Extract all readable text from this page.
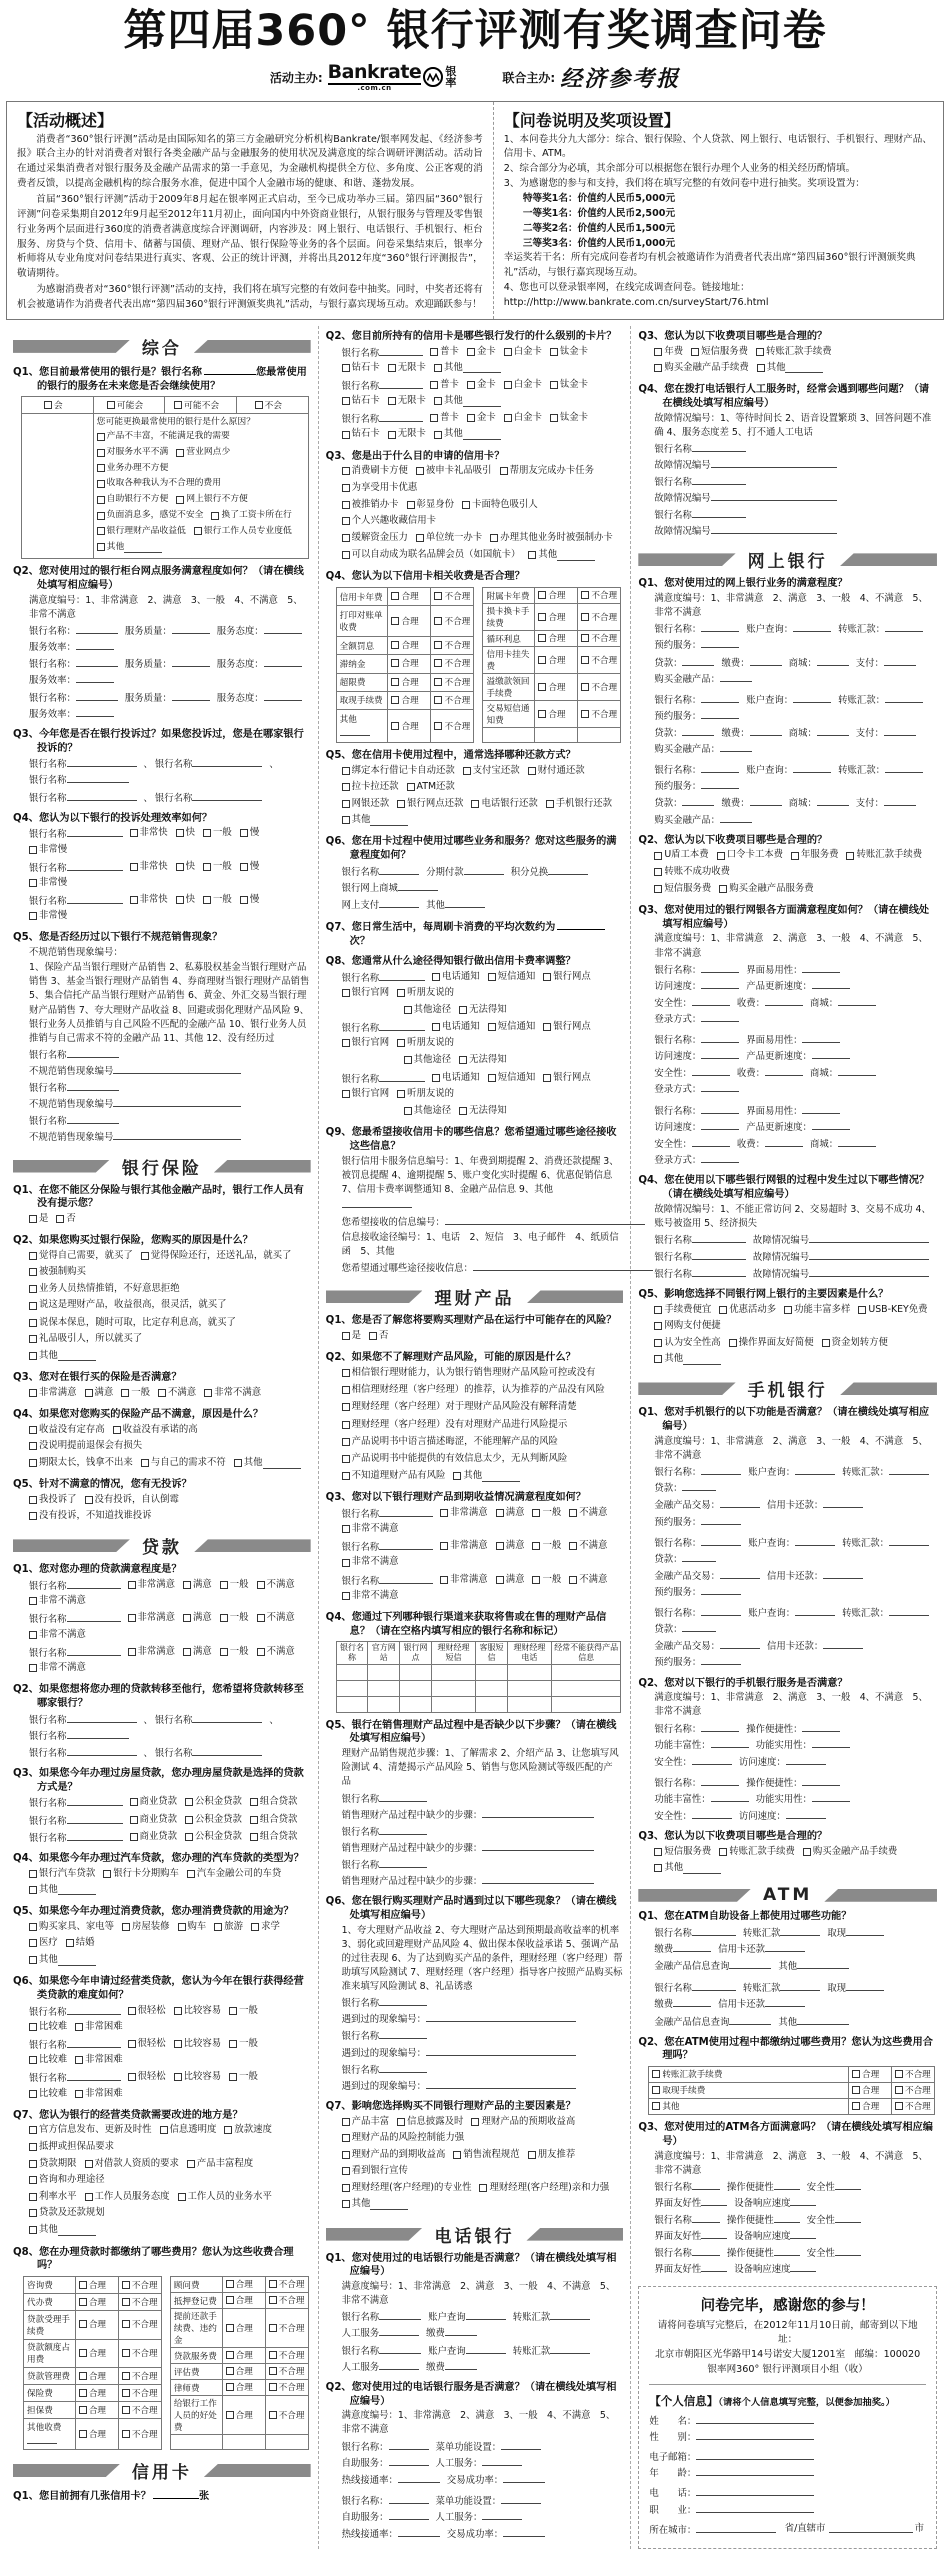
第四届360° 银行评测有奖调查问卷
活动主办: Bankrate
.com.cn
银
率	联合主办: 经济参考报
【活动概述】

消费者“360°银行评测”活动是由国际知名的第三方金融研究分析机构Bankrate/银率网发起、《经济参考报》联合主办的针对消费者对银行各类金融产品与金融服务的使用状况及满意度的综合调研评测活动。活动旨在通过采集消费者对银行服务及金融产品需求的第一手意见，为金融机构提供全方位、多角度、公正客观的消费者反馈，以提高金融机构的综合服务水准，促进中国个人金融市场的健康、和谐、蓬勃发展。

首届“360°银行评测”活动于2009年8月起在银率网正式启动，至今已成功举办三届。第四届“360°银行评测”问卷采集期自2012年9月起至2012年11月初止，面向国内中外资商业银行，从银行服务与管理及零售银行业务两个层面进行360度的消费者满意度综合评测调研，内容涉及：网上银行、电话银行、手机银行、柜台服务、房贷与个贷、信用卡、储蓄与国债、理财产品、银行保险等业务的各个层面。问卷采集结束后，银率分析师将从专业角度对问卷结果进行真实、客观、公正的统计评测，并将出具2012年度“360°银行评测报告”，敬请期待。

为感谢消费者对“360°银行评测”活动的支持，我们将在填写完整的有效问卷中抽奖。同时，中奖者还将有机会被邀请作为消费者代表出席“第四届360°银行评测颁奖典礼”活动，与银行嘉宾现场互动。欢迎踊跃参与！

【问卷说明及奖项设置】
1、本问卷共分九大部分：综合、银行保险、个人贷款、网上银行、电话银行、手机银行、理财产品、信用卡、ATM。
2、综合部分为必填，其余部分可以根据您在银行办理个人业务的相关经历酌情填。
3、为感谢您的参与和支持，我们将在填写完整的有效问卷中进行抽奖。奖项设置为：
特等奖1名：价值约人民币5,000元
一等奖1名：价值约人民币2,500元
二等奖2名：价值约人民币1,500元
三等奖3名：价值约人民币1,000元
幸运奖若干名：所有完成问卷者均有机会被邀请作为消费者代表出席“第四届360°银行评测颁奖典礼”活动，与银行嘉宾现场互动。
4、您也可以登录银率网，在线完成调查问卷。链接地址：http://http://www.bankrate.com.cn/surveyStart/76.html
综合
Q1、您目前最常使用的银行是？银行名称	您最常使用的银行的服务在未来您是否会继续使用？
会	可能会	可能不会	不会

您可能更换最常使用的银行是什么原因？
产品不丰富，不能满足我的需要
对服务水平不满 营业网点少
业务办理不方便
收取各种我认为不合理的费用
自助银行不方便 网上银行不方便
负面消息多，感觉不安全 换了工资卡所在行
银行理财产品收益低 银行工作人员专业度低
其他
Q2、您对使用过的银行柜台网点服务满意程度如何？（请在横线处填写相应编号）
满意度编号：1、非常满意　2、满意　3、一般　4、不满意　5、非常不满意
银行名称：	服务质量：	服务态度：
服务效率：
银行名称：	服务质量：	服务态度：
服务效率：
银行名称：	服务质量：	服务态度：
服务效率：
Q3、今年您是否在银行投诉过？如果您投诉过，您是在哪家银行投诉的？
银行名称	、 银行名称	、
银行名称
银行名称	、 银行名称
Q4、您认为以下银行的投诉处理效率如何？
银行名称	非常快 快 一般 慢
非常慢
银行名称	非常快 快 一般 慢
非常慢
银行名称	非常快 快 一般 慢
非常慢
Q5、您是否经历过以下银行不规范销售现象？
不规范销售现象编号：
1、保险产品当银行理财产品销售 2、私募股权基金当银行理财产品销售 3、基金当银行理财产品销售 4、券商理财当银行理财产品销售 5、集合信托产品当银行理财产品销售 6、黄金、外汇交易当银行理财产品销售 7、夸大理财产品收益 8、回避或弱化理财产品风险 9、银行业务人员推销与自己风险不匹配的金融产品 10、银行业务人员推销与自己需求不符的金融产品 11、其他 12、没有经历过
银行名称
不规范销售现象编号
银行名称
不规范销售现象编号
银行名称
不规范销售现象编号
银行保险
Q1、在您不能区分保险与银行其他金融产品时，银行工作人员有没有提示您？
是 否
Q2、如果您购买过银行保险，您购买的原因是什么？
觉得自己需要，就买了 觉得保险还行，还送礼品，就买了
被强制购买
业务人员热情推销，不好意思拒绝
说这是理财产品，收益很高，很灵活，就买了
说保本保息，随时可取，比定存利息高，就买了
礼品吸引人，所以就买了
其他
Q3、您对在银行买的保险是否满意？
非常满意 满意 一般 不满意 非常不满意
Q4、如果您对您购买的保险产品不满意，原因是什么？
收益没有定存高 收益没有承诺的高
没说明提前退保会有损失
期限太长，钱拿不出来 与自己的需求不符 其他
Q5、针对不满意的情况，您有无投诉？
我投诉了 没有投诉，自认倒霉
没有投诉，不知道找谁投诉
贷款
Q1、您对您办理的贷款满意程度是？
银行名称	非常满意 满意 一般 不满意
非常不满意
银行名称	非常满意 满意 一般 不满意
非常不满意
银行名称	非常满意 满意 一般 不满意
非常不满意
Q2、如果您想将您办理的贷款转移至他行，您希望将贷款转移至哪家银行？
银行名称	、 银行名称	、
银行名称
银行名称	、 银行名称
Q3、如果您今年办理过房屋贷款，您办理房屋贷款是选择的贷款方式是？
银行名称	商业贷款 公积金贷款 组合贷款
银行名称	商业贷款 公积金贷款 组合贷款
银行名称	商业贷款 公积金贷款 组合贷款
Q4、如果您今年办理过汽车贷款，您办理的汽车贷款的类型为？
银行汽车贷款 银行卡分期购车 汽车金融公司的车贷
其他
Q5、如果您今年办理过消费贷款，您办理消费贷款的用途为？
购买家具、家电等 房屋装修 购车 旅游 求学
医疗 结婚
其他
Q6、如果您今年申请过经营类贷款，您认为今年在银行获得经营类贷款的难度如何？
银行名称	很轻松 比较容易 一般
比较难 非常困难
银行名称	很轻松 比较容易 一般
比较难 非常困难
银行名称	很轻松 比较容易 一般
比较难 非常困难
Q7、您认为银行的经营类贷款需要改进的地方是？
官方信息发布、更新及时性 信息透明度 放款速度
抵押或担保品要求
贷款期限 对借款人资质的要求 产品丰富程度
咨询和办理途径
利率水平 工作人员服务态度 工作人员的业务水平
贷款及还款规划
其他
Q8、您在办理贷款时都缴纳了哪些费用？您认为这些收费合理吗？
咨询费	合理	不合理

代办费	合理	不合理

贷款受理手续费	合理	不合理

贷款额度占用费	合理	不合理

贷款管理费	合理	不合理

保险费	合理	不合理

担保费	合理	不合理

其他收费	合理	不合理
顾问费	合理	不合理

抵押登记费	合理	不合理

提前还款手续费、违约金	合理	不合理

贷款服务费	合理	不合理

评估费	合理	不合理

律师费	合理	不合理

给银行工作人员的好处费	合理	不合理

信用卡
Q1、您目前拥有几张信用卡？	张
Q2、您目前所持有的信用卡是哪些银行发行的什么级别的卡片？
银行名称	普卡 金卡 白金卡 钛金卡
钻石卡 无限卡 其他
银行名称	普卡 金卡 白金卡 钛金卡
钻石卡 无限卡 其他
银行名称	普卡 金卡 白金卡 钛金卡
钻石卡 无限卡 其他
Q3、您是出于什么目的申请的信用卡？
消费刷卡方便 被申卡礼品吸引 帮朋友完成办卡任务
为享受用卡优惠
被推销办卡 彰显身份 卡面特色吸引人
个人兴趣收藏信用卡
缓解资金压力 单位统一办卡 办理其他业务时被强制办卡
可以自动成为联名品牌会员（如国航卡） 其他
Q4、您认为以下信用卡相关收费是否合理？
信用卡年费	合理	不合理

打印对账单收费	合理	不合理

全额罚息	合理	不合理

滞纳金	合理	不合理

超限费	合理	不合理

取现手续费	合理	不合理

其他	合理	不合理
附属卡年费	合理	不合理

损卡换卡手续费	合理	不合理

循环利息	合理	不合理

信用卡挂失费	合理	不合理

溢缴款领回手续费	合理	不合理

交易短信通知费	合理	不合理

Q5、您在信用卡使用过程中，通常选择哪种还款方式？
绑定本行借记卡自动还款 支付宝还款 财付通还款
拉卡拉还款 ATM还款
网银还款 银行网点还款 电话银行还款 手机银行还款
其他
Q6、您在用卡过程中使用过哪些业务和服务？您对这些服务的满意程度如何？
银行名称	分期付款	积分兑换
银行网上商城
网上支付	其他
Q7、您日常生活中，每周刷卡消费的平均次数约为次？
Q8、您通常从什么途径得知银行做出信用卡费率调整？
银行名称	电话通知 短信通知 银行网点
银行官网 听朋友说的
其他途径 无法得知
银行名称	电话通知 短信通知 银行网点
银行官网 听朋友说的
其他途径 无法得知
银行名称	电话通知 短信通知 银行网点
银行官网 听朋友说的
其他途径 无法得知
Q9、您最希望接收信用卡的哪些信息？您希望通过哪些途径接收这些信息？
银行信用卡服务信息编号：1、年费到期提醒 2、消费还款提醒 3、被罚息提醒 4、逾期提醒 5、账户变化实时提醒 6、优惠促销信息 7、信用卡费率调整通知 8、金融产品信息 9、其他
您希望接收的信息编号：
信息接收途径编号：1、电话　2、短信　3、电子邮件　4、纸质信函　5、其他
您希望通过哪些途径接收信息：
理财产品
Q1、您是否了解您将要购买理财产品在运行中可能存在的风险？
是 否
Q2、如果您不了解理财产品风险，可能的原因是什么？
相信银行理财能力，认为银行销售理财产品风险可控或没有
相信理财经理（客户经理）的推荐，认为推荐的产品没有风险
理财经理（客户经理）对于理财产品风险没有解释清楚
理财经理（客户经理）没有对理财产品进行风险提示
产品说明书中语言描述晦涩，不能理解产品的风险
产品说明书中能提供的有效信息太少，无从判断风险
不知道理财产品有风险 其他
Q3、您对以下银行理财产品到期收益情况满意程度如何？
银行名称	非常满意 满意 一般 不满意
非常不满意
银行名称	非常满意 满意 一般 不满意
非常不满意
银行名称	非常满意 满意 一般 不满意
非常不满意
Q4、您通过下列哪种银行渠道来获取将售或在售的理财产品信息？（请在空格内填写相应的银行名称和标记）
银行名称	官方网站	银行网点	理财经理短信	客服短信	理财经理电话	经常不能获得产品信息

Q5、银行在销售理财产品过程中是否缺少以下步骤？（请在横线处填写相应编号）
理财产品销售规范步骤：1、了解需求 2、介绍产品 3、让您填写风险测试 4、清楚揭示产品风险 5、销售与您风险测试等级匹配的产品
银行名称
销售理财产品过程中缺少的步骤：
银行名称
销售理财产品过程中缺少的步骤：
银行名称
销售理财产品过程中缺少的步骤：
Q6、您在银行购买理财产品时遇到过以下哪些现象？（请在横线处填写相应编号）
1、夸大理财产品收益 2、夸大理财产品达到预期最高收益率的机率 3、弱化或回避理财产品风险 4、做出保本保收益承诺 5、强调产品的过往表现 6、为了达到购买产品的条件，理财经理（客户经理）帮助填写风险测试 7、理财经理（客户经理）指导客户按照产品购买标准来填写风险测试 8、礼品诱惑
银行名称
遇到过的现象编号：
银行名称
遇到过的现象编号：
银行名称
遇到过的现象编号：
Q7、影响您选择购买不同银行理财产品的主要因素是？
产品丰富 信息披露及时 理财产品的预期收益高
理财产品的风险控制能力强
理财产品的到期收益高 销售流程规范 朋友推荐
看到银行宣传
理财经理(客户经理)的专业性 理财经理(客户经理)亲和力强
其他
电话银行
Q1、您对使用过的电话银行功能是否满意？（请在横线处填写相应编号）
满意度编号：1、非常满意　2、满意　3、一般　4、不满意　5、非常不满意
银行名称	账户查询	转账汇款
人工服务	缴费
银行名称	账户查询	转账汇款
人工服务	缴费
Q2、您对使用过的电话银行服务是否满意？（请在横线处填写相应编号）
满意度编号：1、非常满意　2、满意　3、一般　4、不满意　5、非常不满意
银行名称：	菜单功能设置：
自助服务：	人工服务：
热线接通率：	交易成功率：
银行名称：	菜单功能设置：
自助服务：	人工服务：
热线接通率：	交易成功率：
Q3、您认为以下收费项目哪些是合理的？
年费 短信服务费 转账汇款手续费
购买金融产品手续费 其他
Q4、您在拨打电话银行人工服务时，经常会遇到哪些问题？（请在横线处填写相应编号）
故障情况编号：1、等待时间长 2、语音设置繁琐 3、回答问题不准确 4、服务态度差 5、打不通人工电话
银行名称
故障情况编号
银行名称
故障情况编号
银行名称
故障情况编号
网上银行
Q1、您对使用过的网上银行业务的满意程度？
满意度编号：1、非常满意　2、满意　3、一般　4、不满意　5、非常不满意
银行名称：	账户查询：	转账汇款：
预约服务：
贷款：	缴费：	商城：	支付：
购买金融产品：
银行名称：	账户查询：	转账汇款：
预约服务：
贷款：	缴费：	商城：	支付：
购买金融产品：
银行名称：	账户查询：	转账汇款：
预约服务：
贷款：	缴费：	商城：	支付：
购买金融产品：
Q2、您认为以下收费项目哪些是合理的？
U盾工本费 口令卡工本费 年服务费 转账汇款手续费
转账不成功收费
短信服务费 购买金融产品服务费
Q3、您对使用过的银行网银各方面满意程度如何？（请在横线处填写相应编号）
满意度编号：1、非常满意　2、满意　3、一般　4、不满意　5、非常不满意
银行名称：	界面易用性：
访问速度：	产品更新速度：
安全性：	收费：	商城：
登录方式：
银行名称：	界面易用性：
访问速度：	产品更新速度：
安全性：	收费：	商城：
登录方式：
银行名称：	界面易用性：
访问速度：	产品更新速度：
安全性：	收费：	商城：
登录方式：
Q4、您在使用以下哪些银行网银的过程中发生过以下哪些情况？（请在横线处填写相应编号）
故障情况编号：1、不能正常访问 2、交易超时 3、交易不成功 4、账号被盗用 5、经济损失
银行名称	故障情况编号
银行名称	故障情况编号
银行名称	故障情况编号
Q5、影响您选择不同银行网上银行的主要因素是什么？
手续费便宜 优惠活动多 功能丰富多样 USB-KEY免费
网购支付便捷
认为安全性高 操作界面友好简便 资金划转方便
其他
手机银行
Q1、您对手机银行的以下功能是否满意？（请在横线处填写相应编号）
满意度编号：1、非常满意　2、满意　3、一般　4、不满意　5、非常不满意
银行名称：	账户查询：	转账汇款：
贷款：
金融产品交易：	信用卡还款：
预约服务：
银行名称：	账户查询：	转账汇款：
贷款：
金融产品交易：	信用卡还款：
预约服务：
银行名称：	账户查询：	转账汇款：
贷款：
金融产品交易：	信用卡还款：
预约服务：
Q2、您对以下银行的手机银行服务是否满意？
满意度编号：1、非常满意　2、满意　3、一般　4、不满意　5、非常不满意
银行名称：	操作便捷性：
功能丰富性：	功能实用性：
安全性：	访问速度：
银行名称：	操作便捷性：
功能丰富性：	功能实用性：
安全性：	访问速度：
Q3、您认为以下收费项目哪些是合理的？
短信服务费 转账汇款手续费 购买金融产品手续费
其他
ATM
Q1、您在ATM自助设备上都使用过哪些功能？
银行名称	转账汇款	取现
缴费	信用卡还款
金融产品信息查询	其他
银行名称	转账汇款	取现
缴费	信用卡还款
金融产品信息查询	其他
Q2、您在ATM使用过程中都缴纳过哪些费用？您认为这些费用合理吗？
转账汇款手续费	合理	不合理

取现手续费	合理	不合理

其他	合理	不合理
Q3、您对使用过的ATM各方面满意吗？（请在横线处填写相应编号）
满意度编号：1、非常满意　2、满意　3、一般　4、不满意　5、非常不满意
银行名称	操作便捷性	安全性
界面友好性	设备响应速度
银行名称	操作便捷性	安全性
界面友好性	设备响应速度
银行名称	操作便捷性	安全性
界面友好性	设备响应速度
问卷完毕，感谢您的参与！
请将问卷填写完整后，在2012年11月10日前，邮寄到以下地址：
北京市朝阳区光华路甲14号诺安大厦1201室　邮编：100020
银率网360° 银行评测项目小组（收）
【个人信息】（请将个人信息填写完整，以便参加抽奖。）
姓　　名：
性　　别：
电子邮箱：
年　　龄：
电　　话：
职　　业：
所在城市：	省/直辖市	市
